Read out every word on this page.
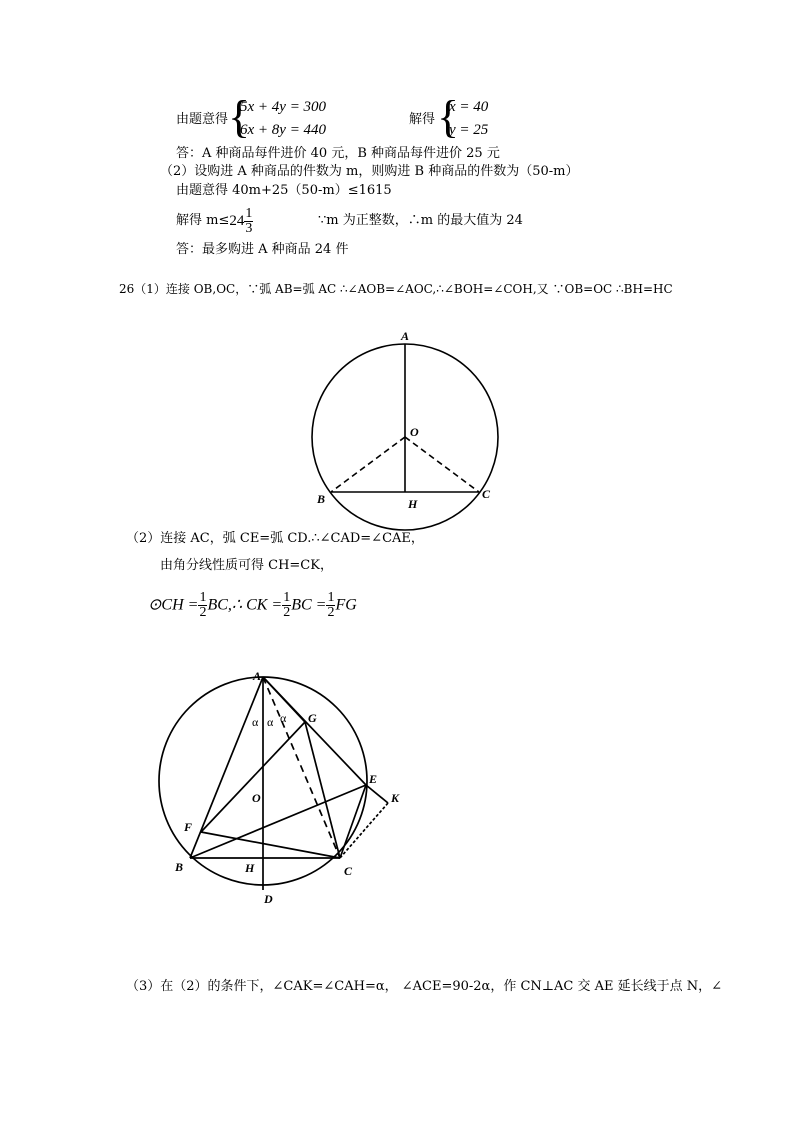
由题意得 {
5x + 4y = 300
6x + 8y = 440
解得 {
x = 40
y = 25
答：A 种商品每件进价 40 元，B 种商品每件进价 25 元
（2）设购进 A 种商品的件数为 m，则购进 B 种商品的件数为（50-m）
由题意得 40m+25（50-m）≤1615
解得 $m\le 24 \frac{1}{3}$	∵m 为正整数，∴m 的最大值为 24
答：最多购进 A 种商品 24 件
26（1）连接 OB,OC，∵弧 AB=弧 AC ∴∠AOB=∠AOC,∴∠BOH=∠COH,又 ∵OB=OC ∴BH=HC
A
O
B	H
C
（2）连接 AC，弧 CE=弧 CD.∴∠CAD=∠CAE，
由角分线性质可得 CH=CK，
⊙CH = $\frac{1}{2}$ BC,∴ CK = $\frac{1}{2}$ BC = $\frac{1}{2}$ FG
A
G
E
K
O
F
B	H	C
D
α α α
（3）在（2）的条件下，∠CAK=∠CAH=α， ∠ACE=90-2α，作 CN⊥AC 交 AE 延长线于点 N，∠
